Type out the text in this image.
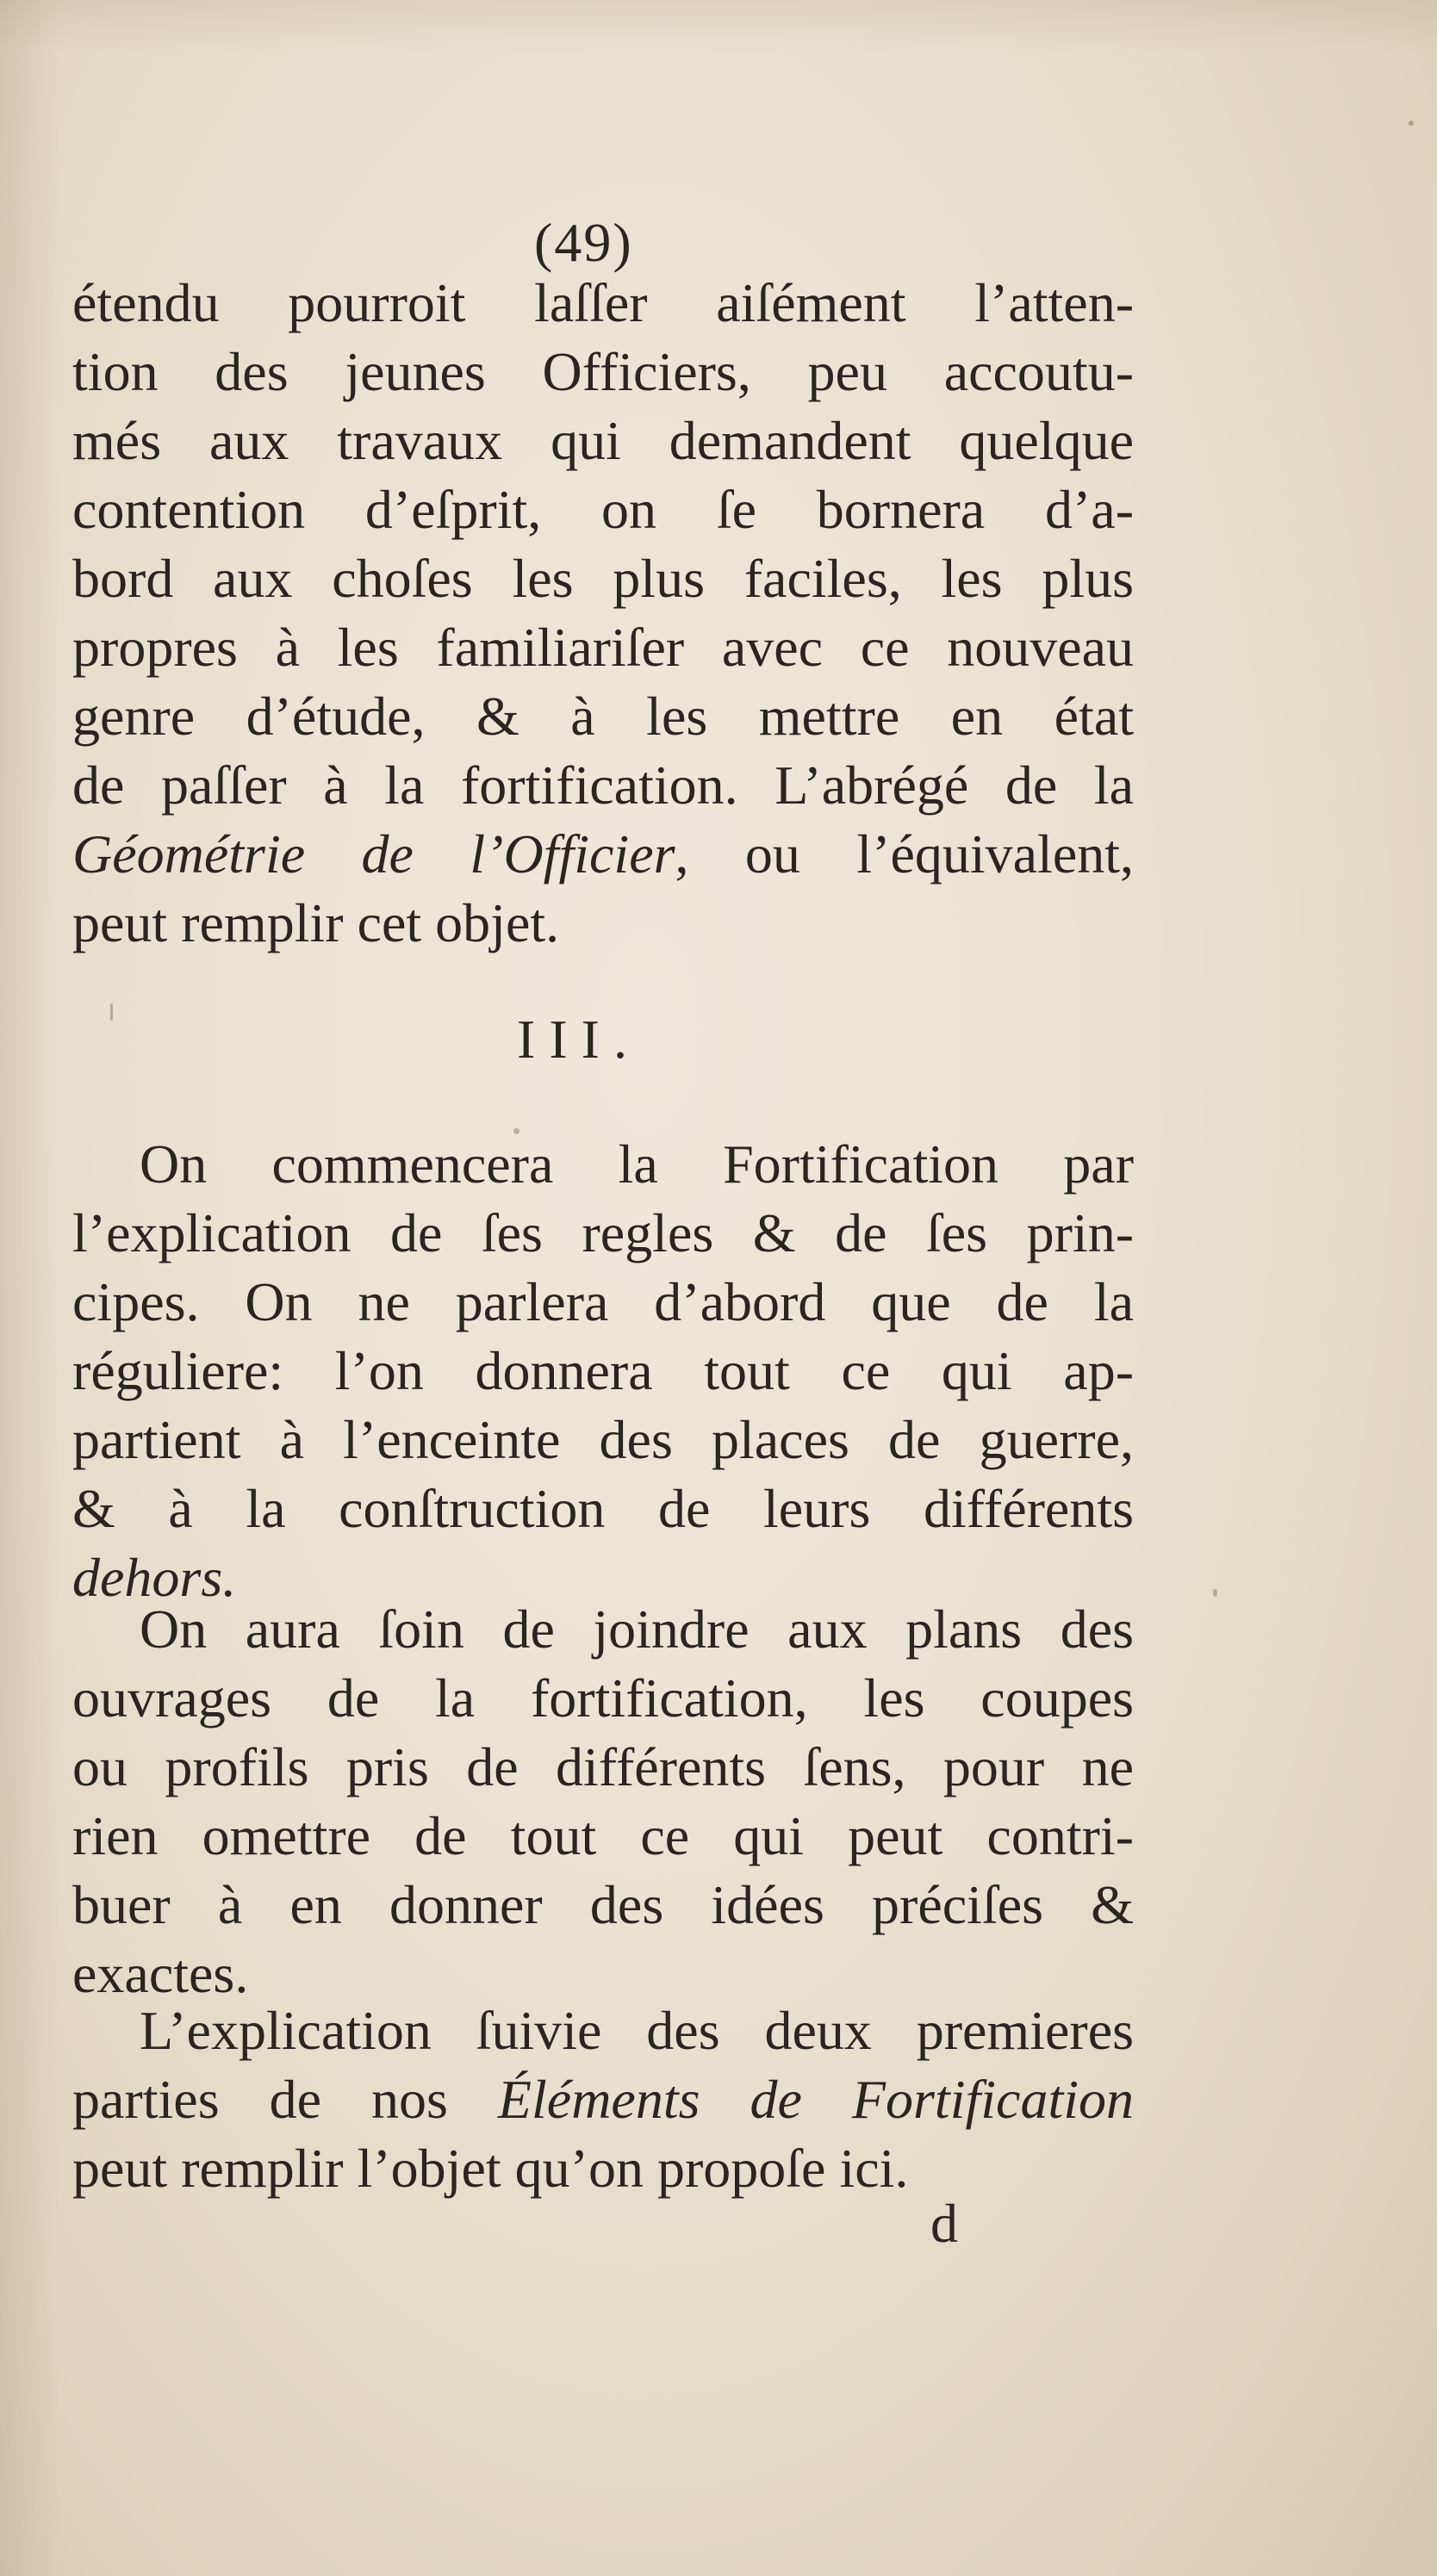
(49)
étendu pourroit laſſer aiſément l’atten-
tion des jeunes Officiers, peu accoutu-
més aux travaux qui demandent quelque
contention d’eſprit, on ſe bornera d’a-
bord aux choſes les plus faciles, les plus
propres à les familiariſer avec ce nouveau
genre d’étude, & à les mettre en état
de paſſer à la fortification. L’abrégé de la
Géométrie de l’Officier, ou l’équivalent,
peut remplir cet objet.
III.
On commencera la Fortification par
l’explication de ſes regles & de ſes prin-
cipes. On ne parlera d’abord que de la
réguliere: l’on donnera tout ce qui ap-
partient à l’enceinte des places de guerre,
& à la conſtruction de leurs différents
dehors.
On aura ſoin de joindre aux plans des
ouvrages de la fortification, les coupes
ou profils pris de différents ſens, pour ne
rien omettre de tout ce qui peut contri-
buer à en donner des idées préciſes &
exactes.
L’explication ſuivie des deux premieres
parties de nos Éléments de Fortification
peut remplir l’objet qu’on propoſe ici.
d
